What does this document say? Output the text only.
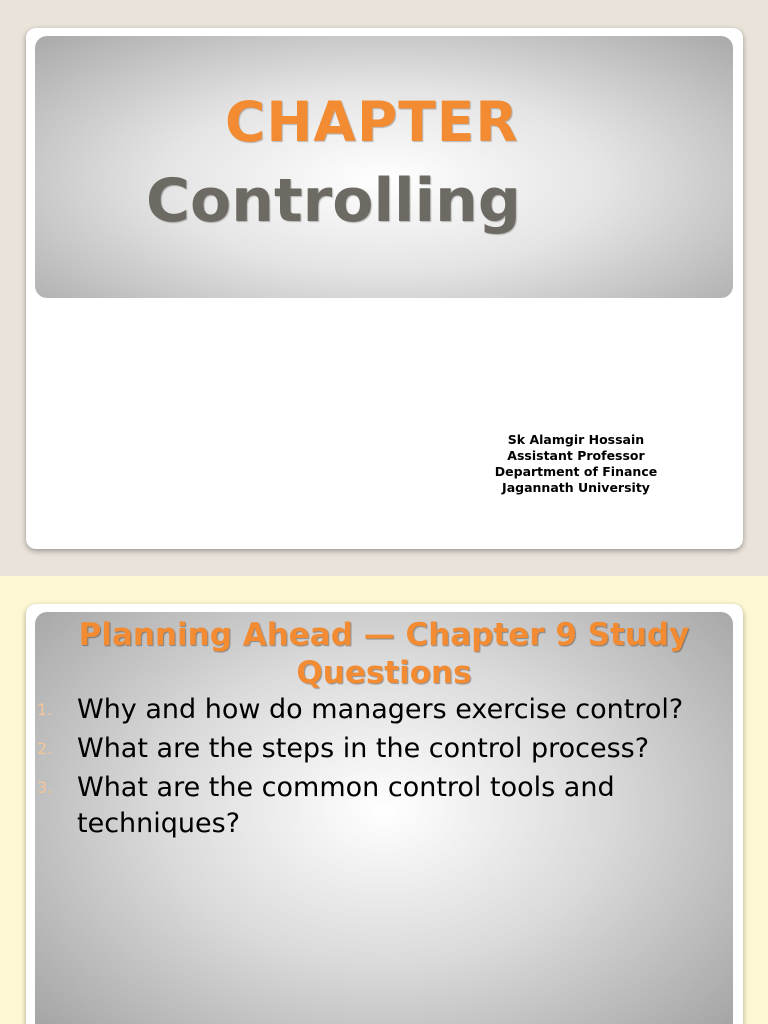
CHAPTER
Controlling
Sk Alamgir Hossain
Assistant Professor
Department of Finance
Jagannath University
Planning Ahead — Chapter 9 Study Questions
1. Why and how do managers exercise control?
2. What are the steps in the control process?
3. What are the common control tools and techniques?
